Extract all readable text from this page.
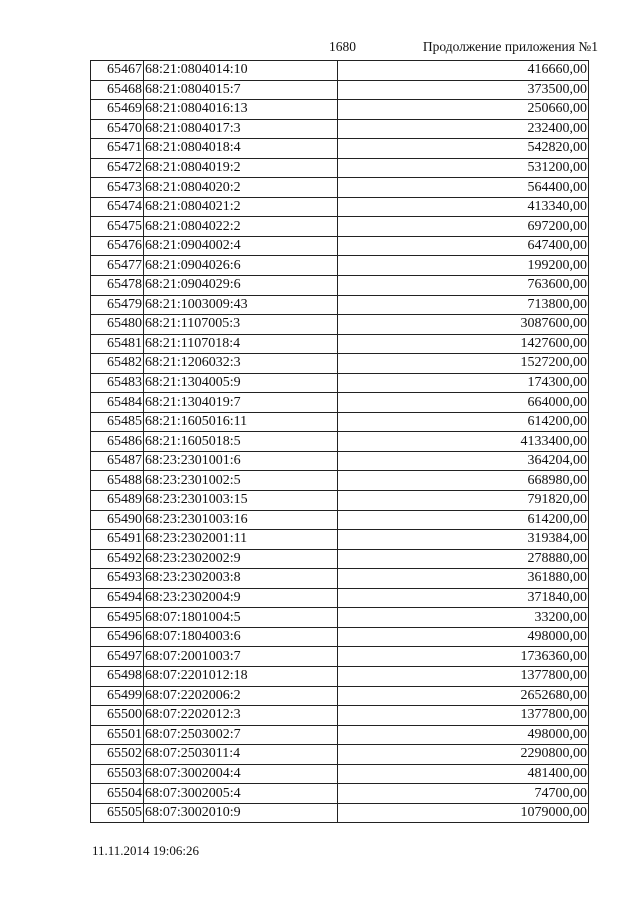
1680	Продолжение приложения №1
65467	68:21:0804014:10	416660,00
65468	68:21:0804015:7	373500,00
65469	68:21:0804016:13	250660,00
65470	68:21:0804017:3	232400,00
65471	68:21:0804018:4	542820,00
65472	68:21:0804019:2	531200,00
65473	68:21:0804020:2	564400,00
65474	68:21:0804021:2	413340,00
65475	68:21:0804022:2	697200,00
65476	68:21:0904002:4	647400,00
65477	68:21:0904026:6	199200,00
65478	68:21:0904029:6	763600,00
65479	68:21:1003009:43	713800,00
65480	68:21:1107005:3	3087600,00
65481	68:21:1107018:4	1427600,00
65482	68:21:1206032:3	1527200,00
65483	68:21:1304005:9	174300,00
65484	68:21:1304019:7	664000,00
65485	68:21:1605016:11	614200,00
65486	68:21:1605018:5	4133400,00
65487	68:23:2301001:6	364204,00
65488	68:23:2301002:5	668980,00
65489	68:23:2301003:15	791820,00
65490	68:23:2301003:16	614200,00
65491	68:23:2302001:11	319384,00
65492	68:23:2302002:9	278880,00
65493	68:23:2302003:8	361880,00
65494	68:23:2302004:9	371840,00
65495	68:07:1801004:5	33200,00
65496	68:07:1804003:6	498000,00
65497	68:07:2001003:7	1736360,00
65498	68:07:2201012:18	1377800,00
65499	68:07:2202006:2	2652680,00
65500	68:07:2202012:3	1377800,00
65501	68:07:2503002:7	498000,00
65502	68:07:2503011:4	2290800,00
65503	68:07:3002004:4	481400,00
65504	68:07:3002005:4	74700,00
65505	68:07:3002010:9	1079000,00
11.11.2014 19:06:26
